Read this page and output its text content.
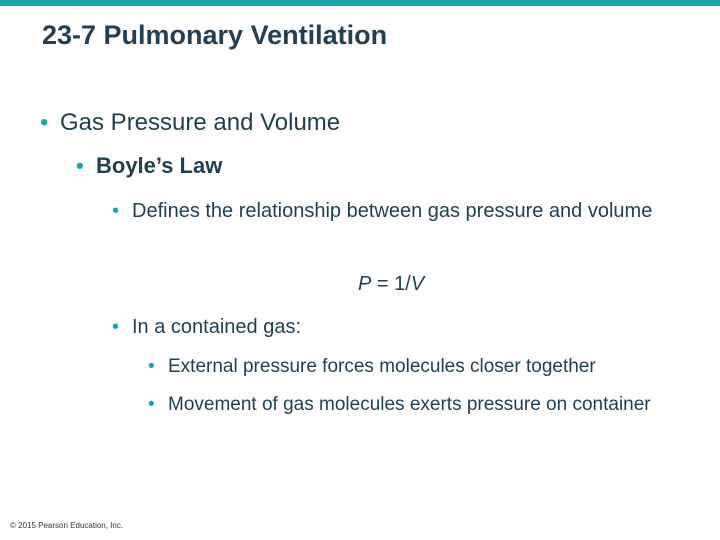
23-7 Pulmonary Ventilation
• Gas Pressure and Volume
• Boyle’s Law
• Defines the relationship between gas pressure and volume

P = 1/V

• In a contained gas:
• External pressure forces molecules closer together
• Movement of gas molecules exerts pressure on container
© 2015 Pearson Education, Inc.
